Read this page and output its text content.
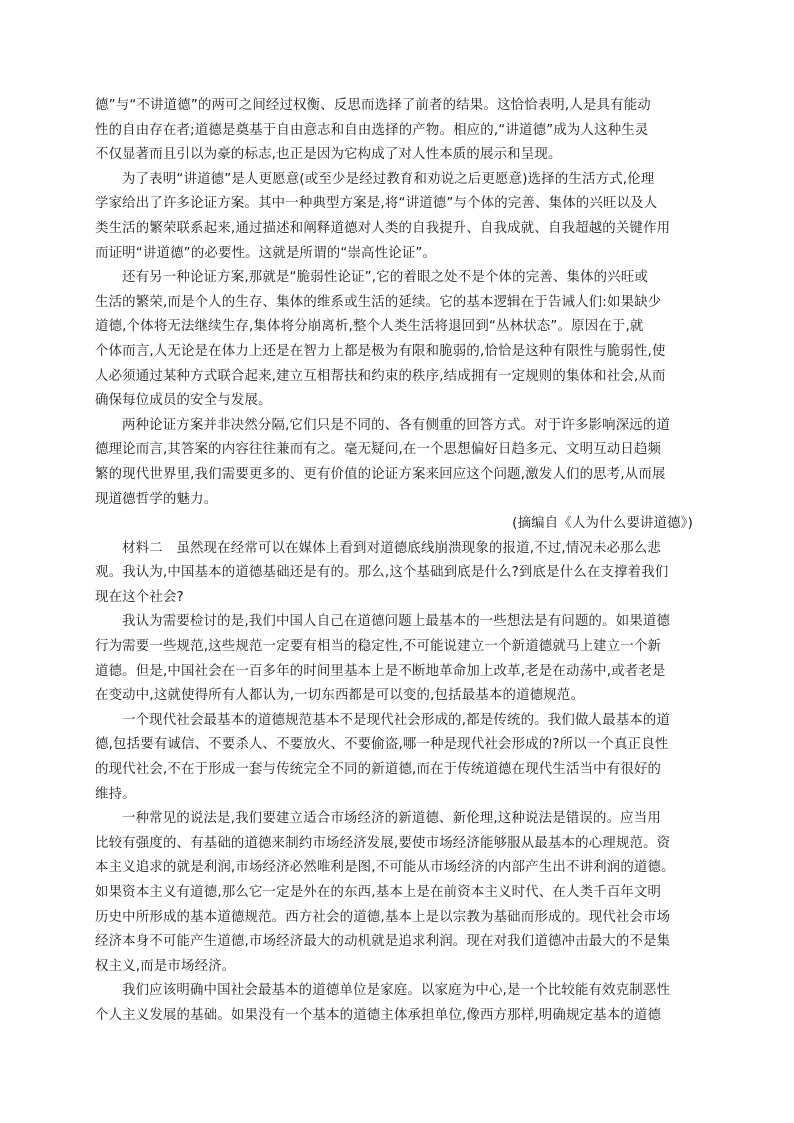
德”与“不讲道德”的两可之间经过权衡、反思而选择了前者的结果。这恰恰表明,人是具有能动
性的自由存在者;道德是奠基于自由意志和自由选择的产物。相应的,“讲道德”成为人这种生灵
不仅显著而且引以为豪的标志,也正是因为它构成了对人性本质的展示和呈现。

为了表明“讲道德”是人更愿意(或至少是经过教育和劝说之后更愿意)选择的生活方式,伦理
学家给出了许多论证方案。其中一种典型方案是,将“讲道德”与个体的完善、集体的兴旺以及人
类生活的繁荣联系起来,通过描述和阐释道德对人类的自我提升、自我成就、自我超越的关键作用
而证明“讲道德”的必要性。这就是所谓的“崇高性论证”。

还有另一种论证方案,那就是“脆弱性论证”,它的着眼之处不是个体的完善、集体的兴旺或
生活的繁荣,而是个人的生存、集体的维系或生活的延续。它的基本逻辑在于告诫人们:如果缺少
道德,个体将无法继续生存,集体将分崩离析,整个人类生活将退回到“丛林状态”。原因在于,就
个体而言,人无论是在体力上还是在智力上都是极为有限和脆弱的,恰恰是这种有限性与脆弱性,使
人必须通过某种方式联合起来,建立互相帮扶和约束的秩序,结成拥有一定规则的集体和社会,从而
确保每位成员的安全与发展。

两种论证方案并非决然分隔,它们只是不同的、各有侧重的回答方式。对于许多影响深远的道
德理论而言,其答案的内容往往兼而有之。毫无疑问,在一个思想偏好日趋多元、文明互动日趋频
繁的现代世界里,我们需要更多的、更有价值的论证方案来回应这个问题,激发人们的思考,从而展
现道德哲学的魅力。

(摘编自《人为什么要讲道德》)

材料二　虽然现在经常可以在媒体上看到对道德底线崩溃现象的报道,不过,情况未必那么悲
观。我认为,中国基本的道德基础还是有的。那么,这个基础到底是什么?到底是什么在支撑着我们
现在这个社会?

我认为需要检讨的是,我们中国人自己在道德问题上最基本的一些想法是有问题的。如果道德
行为需要一些规范,这些规范一定要有相当的稳定性,不可能说建立一个新道德就马上建立一个新
道德。但是,中国社会在一百多年的时间里基本上是不断地革命加上改革,老是在动荡中,或者老是
在变动中,这就使得所有人都认为,一切东西都是可以变的,包括最基本的道德规范。

一个现代社会最基本的道德规范基本不是现代社会形成的,都是传统的。我们做人最基本的道
德,包括要有诚信、不要杀人、不要放火、不要偷盗,哪一种是现代社会形成的?所以一个真正良性
的现代社会,不在于形成一套与传统完全不同的新道德,而在于传统道德在现代生活当中有很好的
维持。

一种常见的说法是,我们要建立适合市场经济的新道德、新伦理,这种说法是错误的。应当用
比较有强度的、有基础的道德来制约市场经济发展,要使市场经济能够服从最基本的心理规范。资
本主义追求的就是利润,市场经济必然唯利是图,不可能从市场经济的内部产生出不讲利润的道德。
如果资本主义有道德,那么它一定是外在的东西,基本上是在前资本主义时代、在人类千百年文明
历史中所形成的基本道德规范。西方社会的道德,基本上是以宗教为基础而形成的。现代社会市场
经济本身不可能产生道德,市场经济最大的动机就是追求利润。现在对我们道德冲击最大的不是集
权主义,而是市场经济。

我们应该明确中国社会最基本的道德单位是家庭。以家庭为中心,是一个比较能有效克制恶性
个人主义发展的基础。如果没有一个基本的道德主体承担单位,像西方那样,明确规定基本的道德
